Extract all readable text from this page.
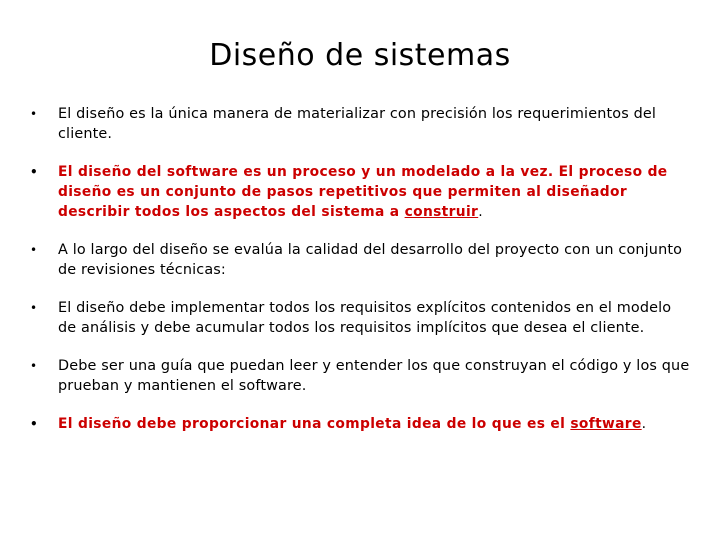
Diseño de sistemas
• El diseño es la única manera de materializar con precisión los requerimientos del cliente.
• El diseño del software es un proceso y un modelado a la vez. El proceso de diseño es un conjunto de pasos repetitivos que permiten al diseñador describir todos los aspectos del sistema a construir.
• A lo largo del diseño se evalúa la calidad del desarrollo del proyecto con un conjunto de revisiones técnicas:
• El diseño debe implementar todos los requisitos explícitos contenidos en el modelo de análisis y debe acumular todos los requisitos implícitos que desea el cliente.
• Debe ser una guía que puedan leer y entender los que construyan el código y los que prueban y mantienen el software.
• El diseño debe proporcionar una completa idea de lo que es el software.
